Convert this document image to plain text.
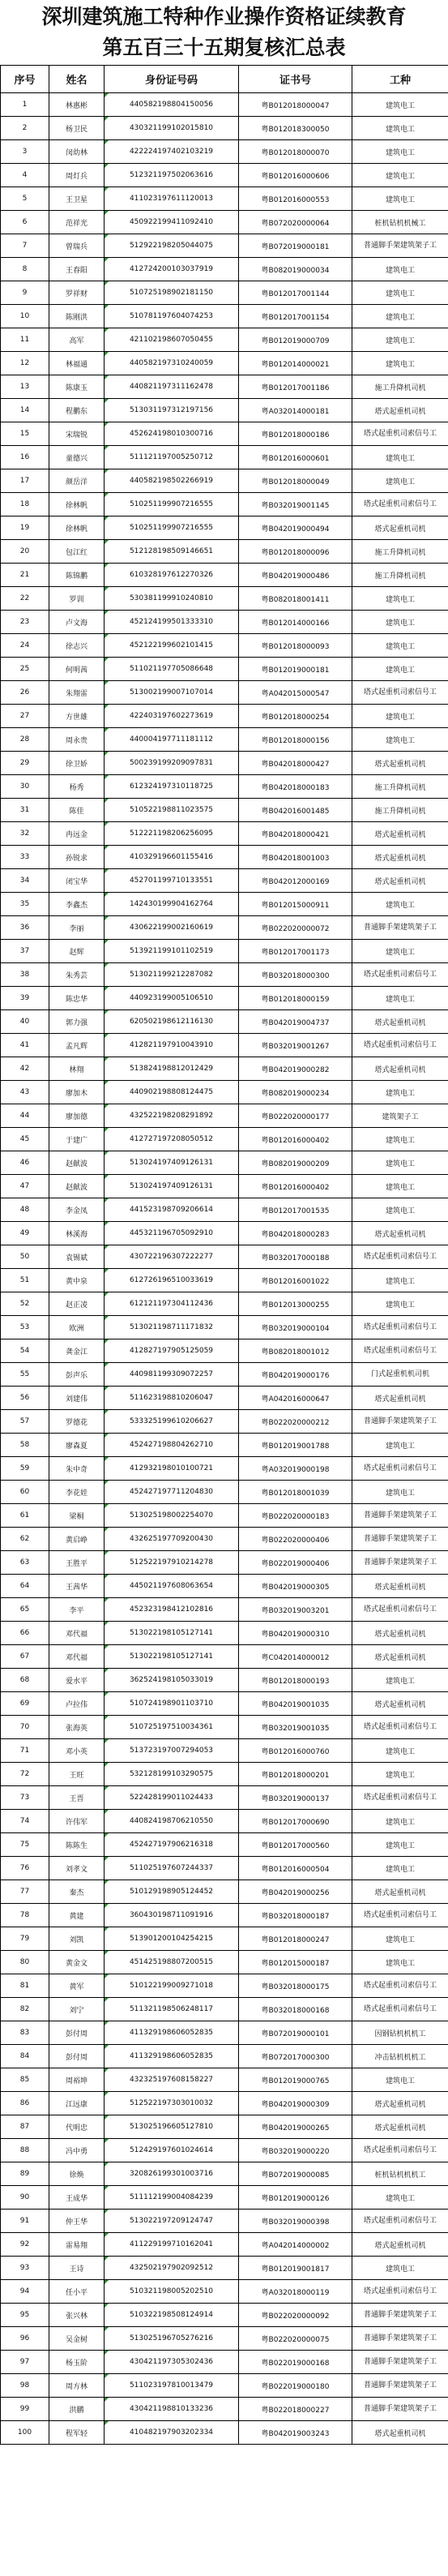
深圳建筑施工特种作业操作资格证续教育
第五百三十五期复核汇总表
序号	姓名	身份证号码	证书号	工种
1	林惠彬	440582198804150056	粤B012018000047	建筑电工
2	杨卫民	430321199102015810	粤B012018300050	建筑电工
3	闵幼林	422224197402103219	粤B012018000070	建筑电工
4	周灯兵	512321197502063616	粤B012016000606	建筑电工
5	王卫星	411023197611120013	粤B012016000553	建筑电工
6	范祥光	450922199411092410	粤B072020000064	桩机钻机机械工
7	曾瑞兵	512922198205044075	粤B072019000181	普通脚手架建筑架子工
8	王春阳	412724200103037919	粤B082019000034	建筑电工
9	罗祥财	510725198902181150	粤B012017001144	建筑电工
10	陈刚洪	510781197604074253	粤B012017001154	建筑电工
11	高军	421102198607050455	粤B012019000709	建筑电工
12	林福通	440582197310240059	粤B012014000021	建筑电工
13	陈康玉	440821197311162478	粤B012017001186	施工升降机司机
14	程鹏东	513031197312197156	粤A032014000181	塔式起重机司机
15	宋瑞锐	452624198010300716	粤B012018000186	塔式起重机司索信号工
16	童德兴	511121197005250712	粤B012016000601	建筑电工
17	颜岳洋	440582198502266919	粤B012018000049	建筑电工
18	徐林帆	510251199907216555	粤B032019001145	塔式起重机司索信号工
19	徐林帆	510251199907216555	粤B042019000494	塔式起重机司机
20	包江红	512128198509146651	粤B012018000096	施工升降机司机
21	陈锦鹏	610328197612270326	粤B042019000486	施工升降机司机
22	罗训	530381199910240810	粤B082018001411	建筑电工
23	卢文海	452124199501333310	粤B012014000166	建筑电工
24	徐志兴	452122199602101415	粤B012018000093	建筑电工
25	何明茜	511021197705086648	粤B012019000181	建筑电工
26	朱翔雷	513002199007107014	粤A042015000547	塔式起重机司索信号工
27	方世雄	422403197602273619	粤B012018000254	建筑电工
28	周永贵	440004197711181112	粤B012018000156	建筑电工
29	徐卫娇	500239199209097831	粤B042018000427	塔式起重机司机
30	杨秀	612324197310118725	粤B042018000183	施工升降机司机
31	陈佳	510522198811023575	粤B042016001485	施工升降机司机
32	冉远金	512221198206256095	粤B042018000421	塔式起重机司机
33	孙锐求	410329196601155416	粤B042018001003	塔式起重机司机
34	闭宝华	452701199710133551	粤B042012000169	塔式起重机司机
35	李鑫杰	142430199904162764	粤B012015000911	建筑电工
36	李丽	430622199002160619	粤B022020000072	普通脚手架建筑架子工
37	赵辉	513921199101102519	粤B012017001173	建筑电工
38	朱秀芸	513021199212287082	粤B032018000300	塔式起重机司索信号工
39	陈忠华	440923199005106510	粤B012018000159	建筑电工
40	郭力强	620502198612116130	粤B042019004737	塔式起重机司机
41	孟凡辉	412821197910043910	粤B032019001267	塔式起重机司索信号工
42	林翔	513824198812012429	粤B042019000282	塔式起重机司机
43	廖加木	440902198808124475	粤B082019000234	建筑电工
44	廖加德	432522198208291892	粤B022020000177	建筑架子工
45	于建广	412727197208050512	粤B012016000402	建筑电工
46	赵献波	513024197409126131	粤B082019000209	建筑电工
47	赵献波	513024197409126131	粤B012016000402	建筑电工
48	李金凤	441523198709206614	粤B012017001535	建筑电工
49	林溪海	445321196705092910	粤B042018000283	塔式起重机司机
50	袁锡斌	430722196307222277	粤B032017000188	塔式起重机司索信号工
51	黄中泉	612726196510033619	粤B012016001022	建筑电工
52	赵正凌	612121197304112436	粤B012013000255	建筑电工
53	欧洲	513021198711171832	粤B032019000104	塔式起重机司索信号工
54	龚金江	412827197905125059	粤B082018001012	塔式起重机司索信号工
55	彭声乐	440981199309072257	粤B042019000176	门式起重机机司机
56	刘建伟	511623198810206047	粤A042016000647	塔式起重机司机
57	罗德花	533325199610206627	粤B022020000212	普通脚手架建筑架子工
58	廖森夏	452427198804262710	粤B012019001788	建筑电工
59	朱中奇	412932198010100721	粤A032019000198	塔式起重机司索信号工
60	李花娃	452427197711204830	粤B012018001039	建筑电工
61	梁桐	513025198002254070	粤B022020000183	普通脚手架建筑架子工
62	黄启峥	432625197709200430	粤B022020000406	普通脚手架建筑架子工
63	王胜平	512522197910214278	粤B022019000406	普通脚手架建筑架子工
64	王茜华	445021197608063654	粤B042019000305	塔式起重机司机
65	李平	452323198412102816	粤B032019003201	塔式起重机司索信号工
66	邓代福	513022198105127141	粤B042019000310	塔式起重机司机
67	邓代福	513022198105127141	粤C042014000012	塔式起重机司机
68	爱水平	362524198105033019	粤B012018000193	建筑电工
69	卢拉伟	510724198901103710	粤B042019001035	塔式起重机司机
70	张海英	510725197510034361	粤B032019001035	塔式起重机司索信号工
71	邓小英	513723197007294053	粤B012016000760	建筑电工
72	王旺	532128199103290575	粤B012018000201	建筑电工
73	王晋	522428199011024433	粤B032019000137	塔式起重机司索信号工
74	许伟军	440824198706210550	粤B012017000690	建筑电工
75	陈陈生	452427197906216318	粤B012017000560	建筑电工
76	刘孝文	511025197607244337	粤B012016000504	建筑电工
77	秦杰	510129198905124452	粤B042019000256	塔式起重机司机
78	黄建	360430198711091916	粤B032018000187	塔式起重机司索信号工
79	刘凯	513901200104254215	粤B012018000247	建筑电工
80	黄金文	451425198807200515	粤B012015000187	建筑电工
81	黄军	510122199009271018	粤B032018000175	塔式起重机司索信号工
82	刘宁	511321198506248117	粤B032018000168	塔式起重机司索信号工
83	彭付周	411329198606052835	粤B072019000101	因钢钻机机机工
84	彭付周	411329198606052835	粤B072017000300	冲击钻机机机工
85	周裕坤	432325197608158227	粤B012019000765	建筑电工
86	江远康	512522197303010032	粤B042019000309	塔式起重机司机
87	代明忠	513025196605127810	粤B042019000265	塔式起重机司机
88	冯中勇	512429197601024614	粤B032019000220	塔式起重机司索信号工
89	徐焕	320826199301003716	粤B072019000085	桩机钻机机机工
90	王成华	511112199004084239	粤B012019000126	建筑电工
91	仲王华	513022197209124747	粤B032019000398	塔式起重机司索信号工
92	雷易翔	411229199710162041	粤A042014000002	塔式起重机司机
93	王诗	432502197902092512	粤B012019001817	建筑电工
94	任小平	510321198005202510	粤A032018000119	塔式起重机司索信号工
95	张兴林	510322198508124914	粤B022020000092	普通脚手架建筑架子工
96	吴金树	513025196705276216	粤B022020000075	普通脚手架建筑架子工
97	杨玉阶	430421197305302436	粤B022019000168	普通脚手架建筑架子工
98	周方林	511023197810013479	粤B022019000180	普通脚手架建筑架子工
99	洪鹏	430421198810133236	粤B022018000227	普通脚手架建筑架子工
100	程军轻	410482197903202334	粤B042019003243	塔式起重机司机
